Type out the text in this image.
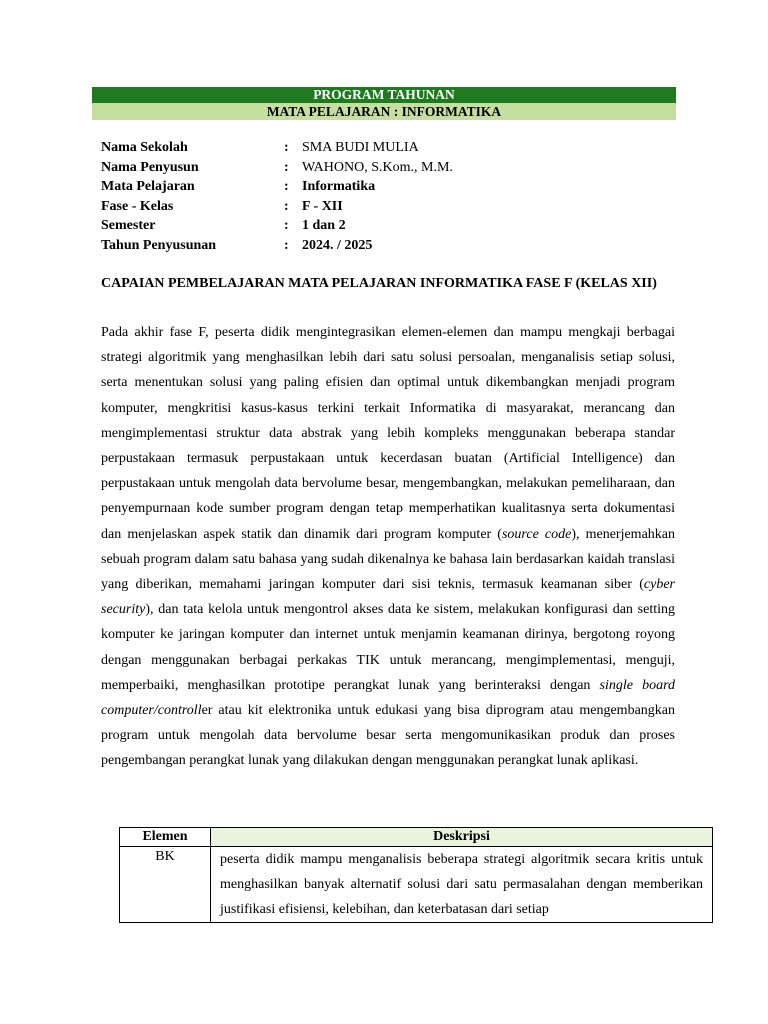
PROGRAM TAHUNAN
MATA PELAJARAN : INFORMATIKA
Nama Sekolah	: SMA BUDI MULIA
Nama Penyusun	: WAHONO, S.Kom., M.M.
Mata Pelajaran	: Informatika
Fase - Kelas	: F - XII
Semester	: 1 dan 2
Tahun Penyusunan	: 2024. / 2025
CAPAIAN PEMBELAJARAN MATA PELAJARAN INFORMATIKA FASE F (KELAS XII)
Pada akhir fase F, peserta didik mengintegrasikan elemen-elemen dan mampu mengkaji berbagai strategi algoritmik yang menghasilkan lebih dari satu solusi persoalan, menganalisis setiap solusi, serta menentukan solusi yang paling efisien dan optimal untuk dikembangkan menjadi program komputer, mengkritisi kasus-kasus terkini terkait Informatika di masyarakat, merancang dan mengimplementasi struktur data abstrak yang lebih kompleks menggunakan beberapa standar perpustakaan termasuk perpustakaan untuk kecerdasan buatan (Artificial Intelligence) dan perpustakaan untuk mengolah data bervolume besar, mengembangkan, melakukan pemeliharaan, dan penyempurnaan kode sumber program dengan tetap memperhatikan kualitasnya serta dokumentasi dan menjelaskan aspek statik dan dinamik dari program komputer (source code), menerjemahkan sebuah program dalam satu bahasa yang sudah dikenalnya ke bahasa lain berdasarkan kaidah translasi yang diberikan, memahami jaringan komputer dari sisi teknis, termasuk keamanan siber (cyber security), dan tata kelola untuk mengontrol akses data ke sistem, melakukan konfigurasi dan setting komputer ke jaringan komputer dan internet untuk menjamin keamanan dirinya, bergotong royong dengan menggunakan berbagai perkakas TIK untuk merancang, mengimplementasi, menguji, memperbaiki, menghasilkan prototipe perangkat lunak yang berinteraksi dengan single board computer/controller atau kit elektronika untuk edukasi yang bisa diprogram atau mengembangkan program untuk mengolah data bervolume besar serta mengomunikasikan produk dan proses pengembangan perangkat lunak yang dilakukan dengan menggunakan perangkat lunak aplikasi.
Elemen	Deskripsi
BK	peserta didik mampu menganalisis beberapa strategi algoritmik secara kritis untuk menghasilkan banyak alternatif solusi dari satu permasalahan dengan memberikan justifikasi efisiensi, kelebihan, dan keterbatasan dari setiap
